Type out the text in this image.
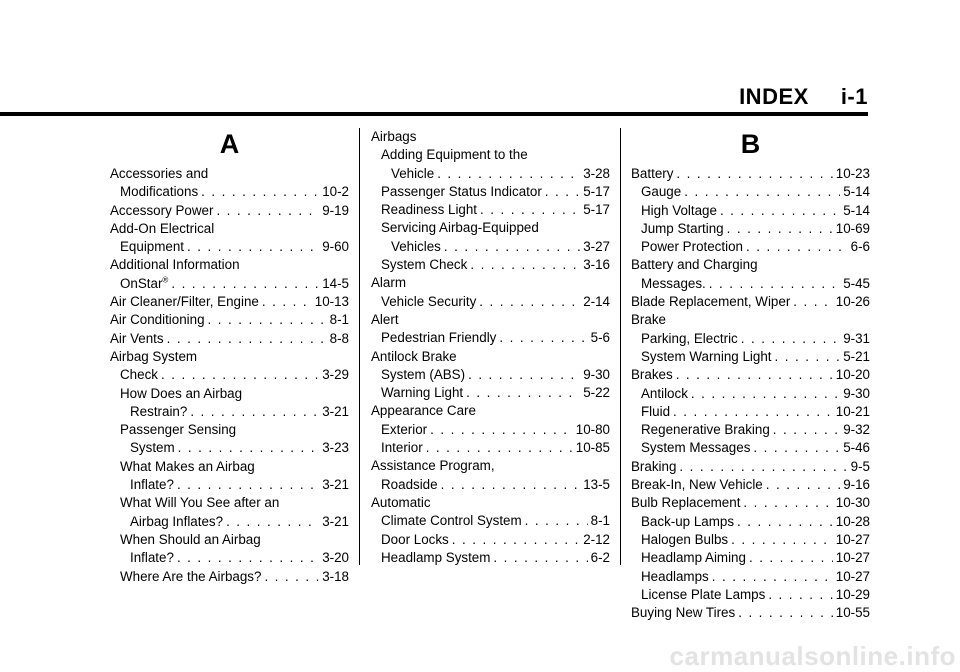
INDEX i-1
A
Accessories and
Modifications . . .	10-2
Accessory Power . . .	9-19
Add-On Electrical
Equipment . . .	9-60
Additional Information
OnStar® . . .	14-5
Air Cleaner/Filter, Engine . . .	10-13
Air Conditioning . . .	8-1
Air Vents . . .	8-8
Airbag System
Check . . .	3-29
How Does an Airbag
Restrain? . . .	3-21
Passenger Sensing
System . . .	3-23
What Makes an Airbag
Inflate? . . .	3-21
What Will You See after an
Airbag Inflates? . . .	3-21
When Should an Airbag
Inflate? . . .	3-20
Where Are the Airbags? . . .	3-18
Airbags
Adding Equipment to the
Vehicle . . .	3-28
Passenger Status Indicator . . .	5-17
Readiness Light . . .	5-17
Servicing Airbag-Equipped
Vehicles . . .	3-27
System Check . . .	3-16
Alarm
Vehicle Security . . .	2-14
Alert
Pedestrian Friendly . . .	5-6
Antilock Brake
System (ABS) . . .	9-30
Warning Light . . .	5-22
Appearance Care
Exterior . . .	10-80
Interior . . .	10-85
Assistance Program,
Roadside . . .	13-5
Automatic
Climate Control System . . .	8-1
Door Locks . . .	2-12
Headlamp System . . .	6-2
B
Battery . . .	10-23
Gauge . . .	5-14
High Voltage . . .	5-14
Jump Starting . . .	10-69
Power Protection . . .	6-6
Battery and Charging
Messages. . . .	5-45
Blade Replacement, Wiper . . .	10-26
Brake
Parking, Electric . . .	9-31
System Warning Light . . .	5-21
Brakes . . .	10-20
Antilock . . .	9-30
Fluid . . .	10-21
Regenerative Braking . . .	9-32
System Messages . . .	5-46
Braking . . .	9-5
Break-In, New Vehicle . . .	9-16
Bulb Replacement . . .	10-30
Back-up Lamps . . .	10-28
Halogen Bulbs . . .	10-27
Headlamp Aiming . . .	10-27
Headlamps . . .	10-27
License Plate Lamps . . .	10-29
Buying New Tires . . .	10-55
carmanualsonline.info
